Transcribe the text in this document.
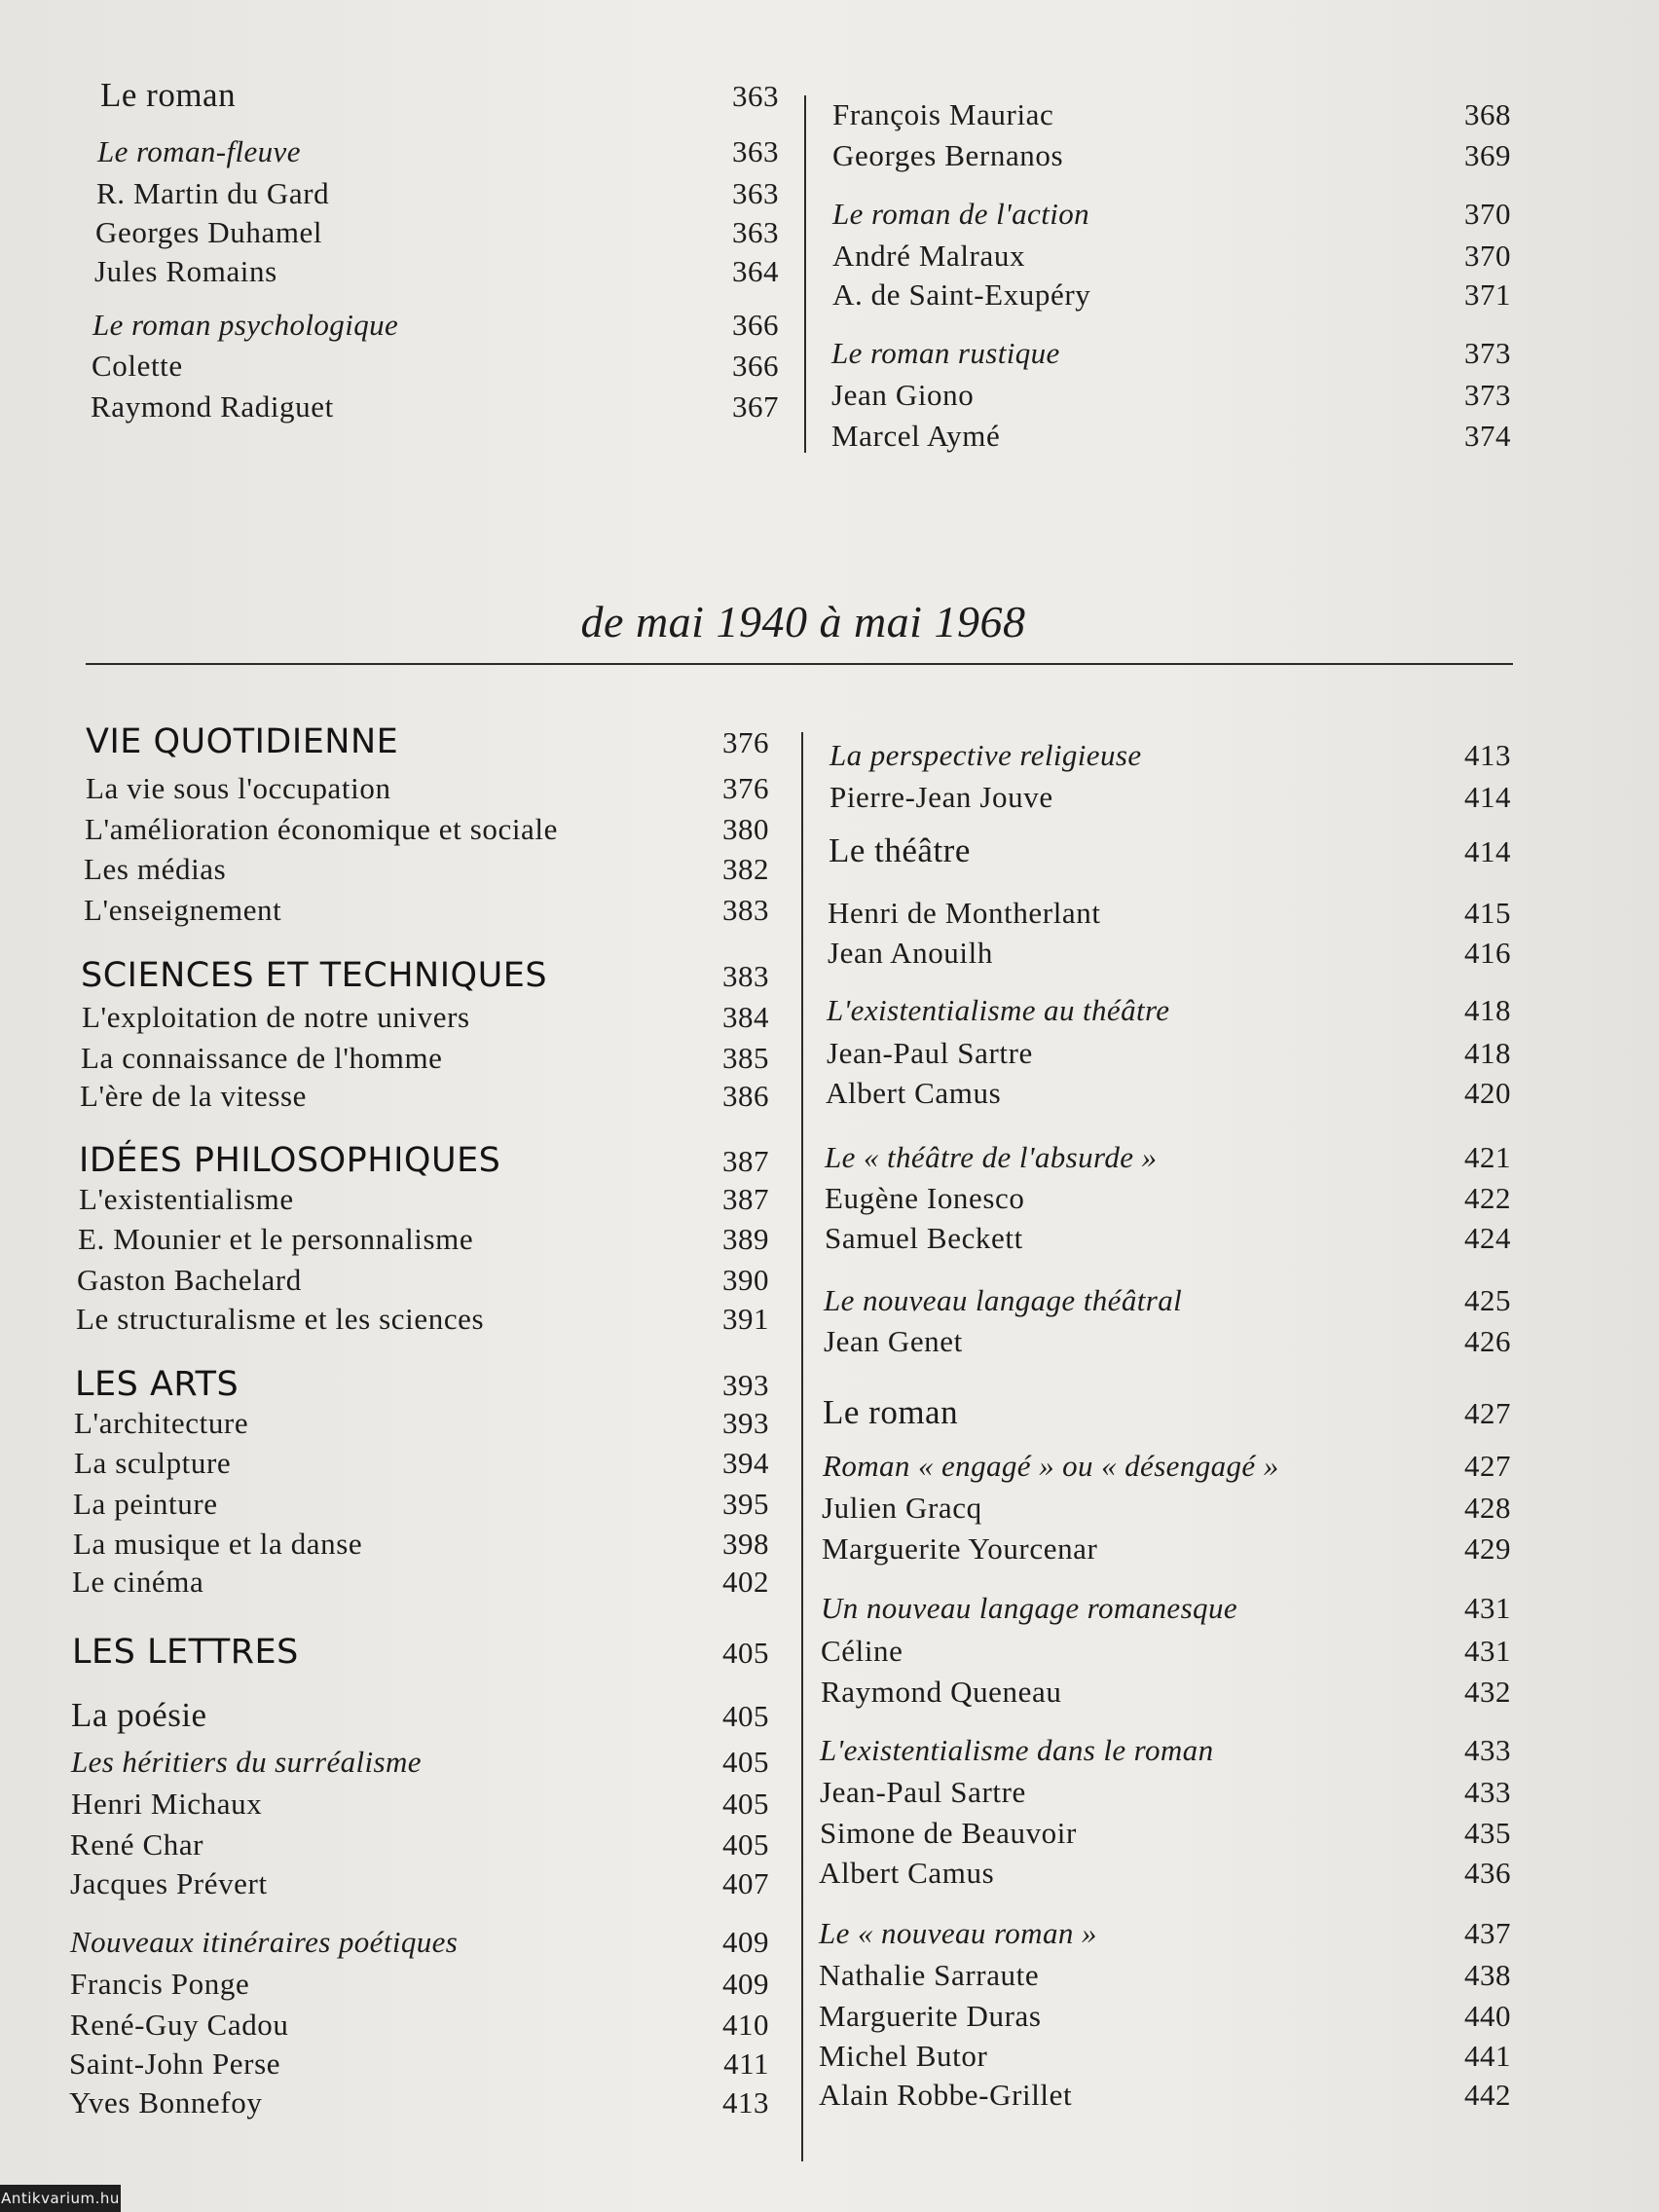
Le roman	363
Le roman-fleuve	363
R. Martin du Gard	363
Georges Duhamel	363
Jules Romains	364
Le roman psychologique	366
Colette	366
Raymond Radiguet	367
François Mauriac	368
Georges Bernanos	369
Le roman de l'action	370
André Malraux	370
A. de Saint-Exupéry	371
Le roman rustique	373
Jean Giono	373
Marcel Aymé	374
de mai 1940 à mai 1968
VIE QUOTIDIENNE	376
La vie sous l'occupation	376
L'amélioration économique et sociale	380
Les médias	382
L'enseignement	383
SCIENCES ET TECHNIQUES	383
L'exploitation de notre univers	384
La connaissance de l'homme	385
L'ère de la vitesse	386
IDÉES PHILOSOPHIQUES	387
L'existentialisme	387
E. Mounier et le personnalisme	389
Gaston Bachelard	390
Le structuralisme et les sciences	391
LES ARTS	393
L'architecture	393
La sculpture	394
La peinture	395
La musique et la danse	398
Le cinéma	402
LES LETTRES	405
La poésie	405
Les héritiers du surréalisme	405
Henri Michaux	405
René Char	405
Jacques Prévert	407
Nouveaux itinéraires poétiques	409
Francis Ponge	409
René-Guy Cadou	410
Saint-John Perse	411
Yves Bonnefoy	413
La perspective religieuse	413
Pierre-Jean Jouve	414
Le théâtre	414
Henri de Montherlant	415
Jean Anouilh	416
L'existentialisme au théâtre	418
Jean-Paul Sartre	418
Albert Camus	420
Le « théâtre de l'absurde »	421
Eugène Ionesco	422
Samuel Beckett	424
Le nouveau langage théâtral	425
Jean Genet	426
Le roman	427
Roman « engagé » ou « désengagé »	427
Julien Gracq	428
Marguerite Yourcenar	429
Un nouveau langage romanesque	431
Céline	431
Raymond Queneau	432
L'existentialisme dans le roman	433
Jean-Paul Sartre	433
Simone de Beauvoir	435
Albert Camus	436
Le « nouveau roman »	437
Nathalie Sarraute	438
Marguerite Duras	440
Michel Butor	441
Alain Robbe-Grillet	442
Antikvarium.hu
